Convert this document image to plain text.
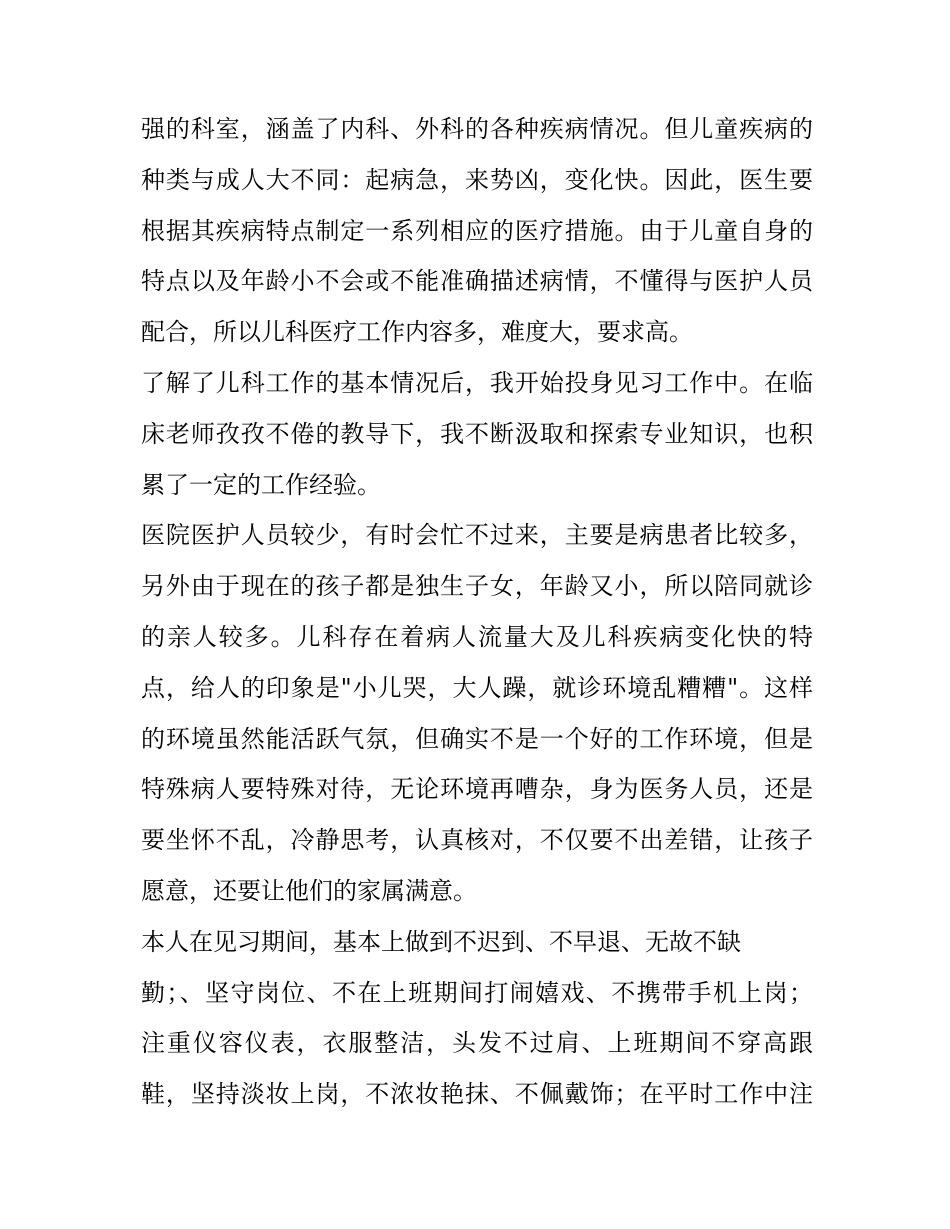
强的科室，涵盖了内科、外科的各种疾病情况。但儿童疾病的
种类与成人大不同：起病急，来势凶，变化快。因此，医生要
根据其疾病特点制定一系列相应的医疗措施。由于儿童自身的
特点以及年龄小不会或不能准确描述病情，不懂得与医护人员
配合，所以儿科医疗工作内容多，难度大，要求高。
了解了儿科工作的基本情况后，我开始投身见习工作中。在临
床老师孜孜不倦的教导下，我不断汲取和探索专业知识，也积
累了一定的工作经验。
医院医护人员较少，有时会忙不过来，主要是病患者比较多，
另外由于现在的孩子都是独生子女，年龄又小，所以陪同就诊
的亲人较多。儿科存在着病人流量大及儿科疾病变化快的特
点，给人的印象是"小儿哭，大人躁，就诊环境乱糟糟"。这样
的环境虽然能活跃气氛，但确实不是一个好的工作环境，但是
特殊病人要特殊对待，无论环境再嘈杂，身为医务人员，还是
要坐怀不乱，冷静思考，认真核对，不仅要不出差错，让孩子
愿意，还要让他们的家属满意。
本人在见习期间，基本上做到不迟到、不早退、无故不缺
勤；、坚守岗位、不在上班期间打闹嬉戏、不携带手机上岗；
注重仪容仪表，衣服整洁，头发不过肩、上班期间不穿高跟
鞋，坚持淡妆上岗，不浓妆艳抹、不佩戴饰；在平时工作中注
